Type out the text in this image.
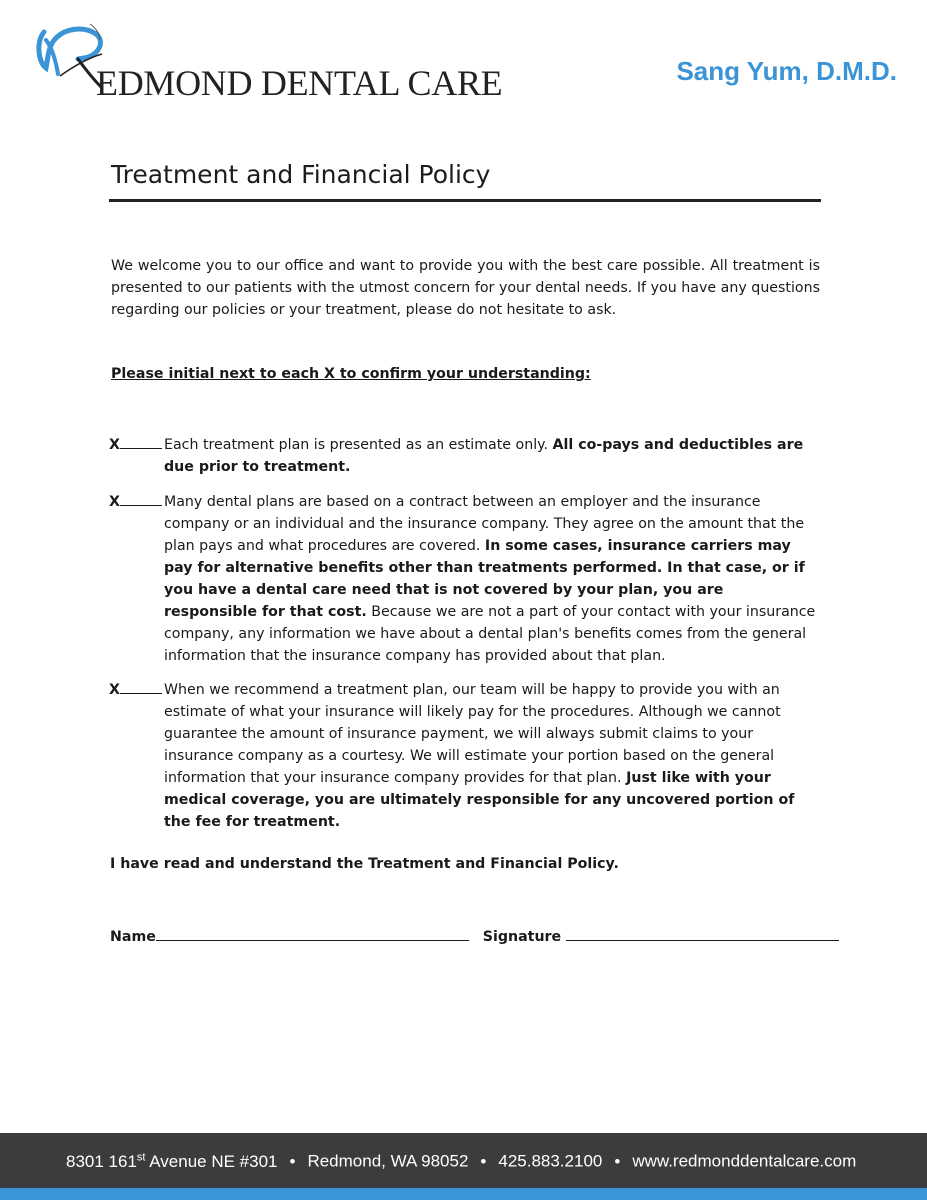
EDMOND DENTAL CARE	Sang Yum, D.M.D.
Treatment and Financial Policy
We welcome you to our office and want to provide you with the best care possible. All treatment is presented to our patients with the utmost concern for your dental needs. If you have any questions regarding our policies or your treatment, please do not hesitate to ask.
Please initial next to each X to confirm your understanding:
X	Each treatment plan is presented as an estimate only. All co-pays and deductibles are due prior to treatment.
X	Many dental plans are based on a contract between an employer and the insurance company or an individual and the insurance company. They agree on the amount that the plan pays and what procedures are covered. In some cases, insurance carriers may pay for alternative benefits other than treatments performed. In that case, or if you have a dental care need that is not covered by your plan, you are responsible for that cost. Because we are not a part of your contact with your insurance company, any information we have about a dental plan's benefits comes from the general information that the insurance company has provided about that plan.
X	When we recommend a treatment plan, our team will be happy to provide you with an estimate of what your insurance will likely pay for the procedures. Although we cannot guarantee the amount of insurance payment, we will always submit claims to your insurance company as a courtesy. We will estimate your portion based on the general information that your insurance company provides for that plan. Just like with your medical coverage, you are ultimately responsible for any uncovered portion of the fee for treatment.
I have read and understand the Treatment and Financial Policy.
Name	Signature
8301 161st Avenue NE #301 • Redmond, WA 98052 • 425.883.2100 • www.redmonddentalcare.com
